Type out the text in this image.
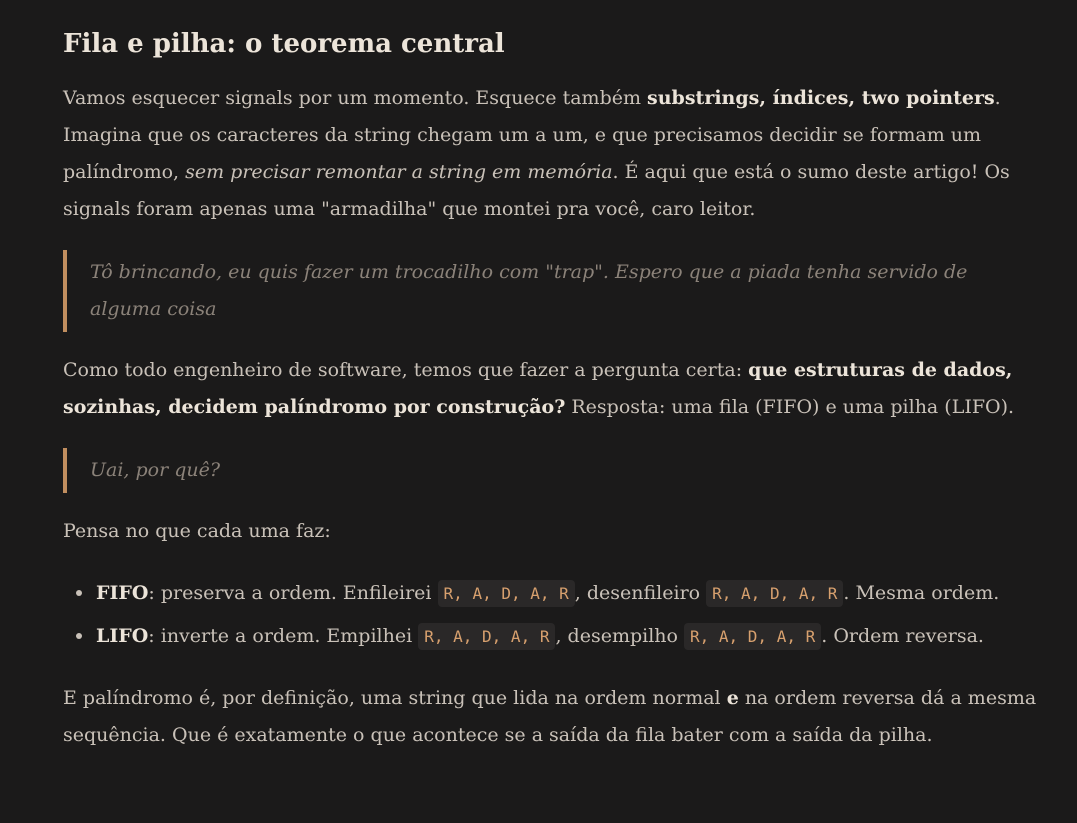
Fila e pilha: o teorema central

Vamos esquecer signals por um momento. Esquece também substrings, índices, two pointers. Imagina que os caracteres da string chegam um a um, e que precisamos decidir se formam um palíndromo, sem precisar remontar a string em memória. É aqui que está o sumo deste artigo! Os signals foram apenas uma "armadilha" que montei pra você, caro leitor.

Tô brincando, eu quis fazer um trocadilho com "trap". Espero que a piada tenha servido de alguma coisa

Como todo engenheiro de software, temos que fazer a pergunta certa: que estruturas de dados, sozinhas, decidem palíndromo por construção? Resposta: uma fila (FIFO) e uma pilha (LIFO).

Uai, por quê?

Pensa no que cada uma faz:

FIFO: preserva a ordem. Enfileirei R, A, D, A, R , desenfileiro R, A, D, A, R . Mesma ordem.
LIFO: inverte a ordem. Empilhei R, A, D, A, R , desempilho R, A, D, A, R . Ordem reversa.

E palíndromo é, por definição, uma string que lida na ordem normal e na ordem reversa dá a mesma sequência. Que é exatamente o que acontece se a saída da fila bater com a saída da pilha.
